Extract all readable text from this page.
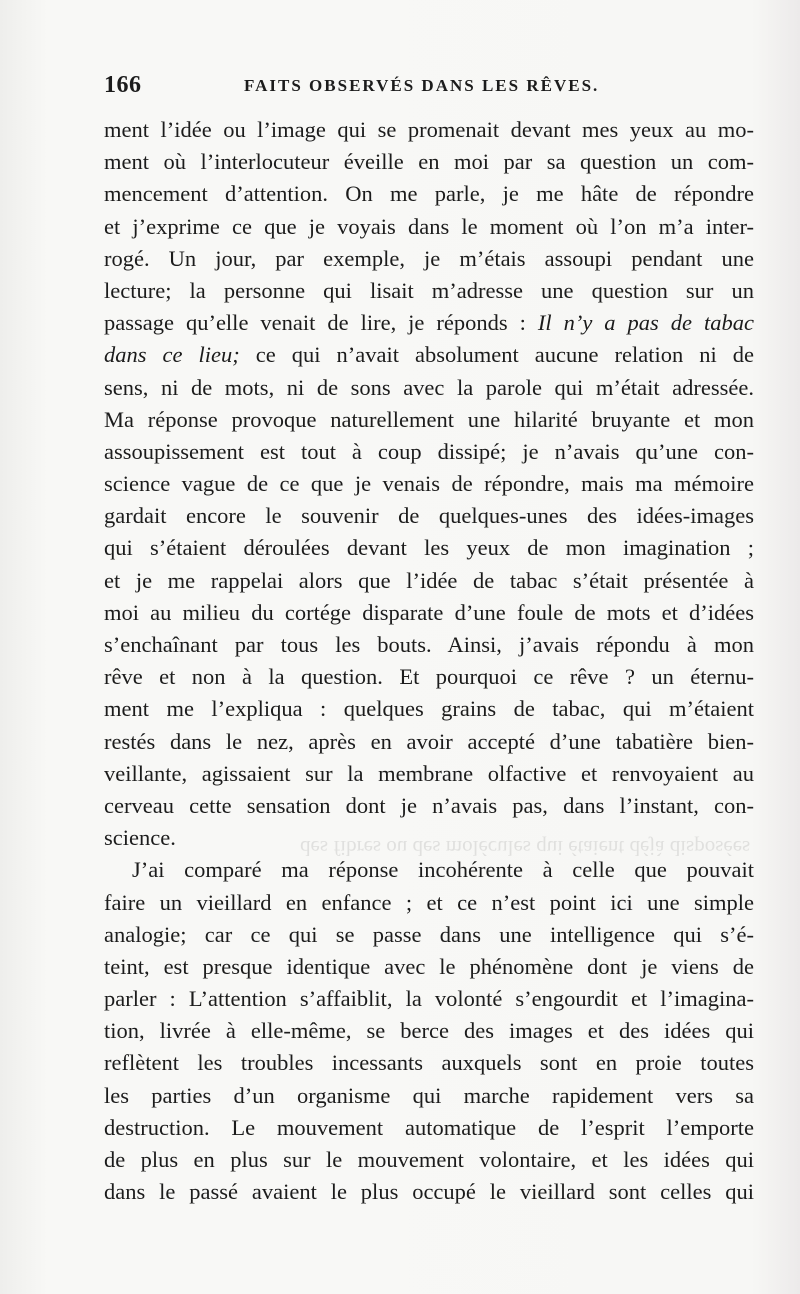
166	FAITS OBSERVÉS DANS LES RÊVES.
des fibres ou des molécules qui étaient déjà disposées
ment l’idée ou l’image qui se promenait devant mes yeux au mo-
ment où l’interlocuteur éveille en moi par sa question un com-
mencement d’attention. On me parle, je me hâte de répondre
et j’exprime ce que je voyais dans le moment où l’on m’a inter-
rogé. Un jour, par exemple, je m’étais assoupi pendant une
lecture; la personne qui lisait m’adresse une question sur un
passage qu’elle venait de lire, je réponds : Il n’y a pas de tabac
dans ce lieu; ce qui n’avait absolument aucune relation ni de
sens, ni de mots, ni de sons avec la parole qui m’était adressée.
Ma réponse provoque naturellement une hilarité bruyante et mon
assoupissement est tout à coup dissipé; je n’avais qu’une con-
science vague de ce que je venais de répondre, mais ma mémoire
gardait encore le souvenir de quelques-unes des idées-images
qui s’étaient déroulées devant les yeux de mon imagination ;
et je me rappelai alors que l’idée de tabac s’était présentée à
moi au milieu du cortége disparate d’une foule de mots et d’idées
s’enchaînant par tous les bouts. Ainsi, j’avais répondu à mon
rêve et non à la question. Et pourquoi ce rêve ? un éternu-
ment me l’expliqua : quelques grains de tabac, qui m’étaient
restés dans le nez, après en avoir accepté d’une tabatière bien-
veillante, agissaient sur la membrane olfactive et renvoyaient au
cerveau cette sensation dont je n’avais pas, dans l’instant, con-
science.
J’ai comparé ma réponse incohérente à celle que pouvait
faire un vieillard en enfance ; et ce n’est point ici une simple
analogie; car ce qui se passe dans une intelligence qui s’é-
teint, est presque identique avec le phénomène dont je viens de
parler : L’attention s’affaiblit, la volonté s’engourdit et l’imagina-
tion, livrée à elle-même, se berce des images et des idées qui
reflètent les troubles incessants auxquels sont en proie toutes
les parties d’un organisme qui marche rapidement vers sa
destruction. Le mouvement automatique de l’esprit l’emporte
de plus en plus sur le mouvement volontaire, et les idées qui
dans le passé avaient le plus occupé le vieillard sont celles qui
